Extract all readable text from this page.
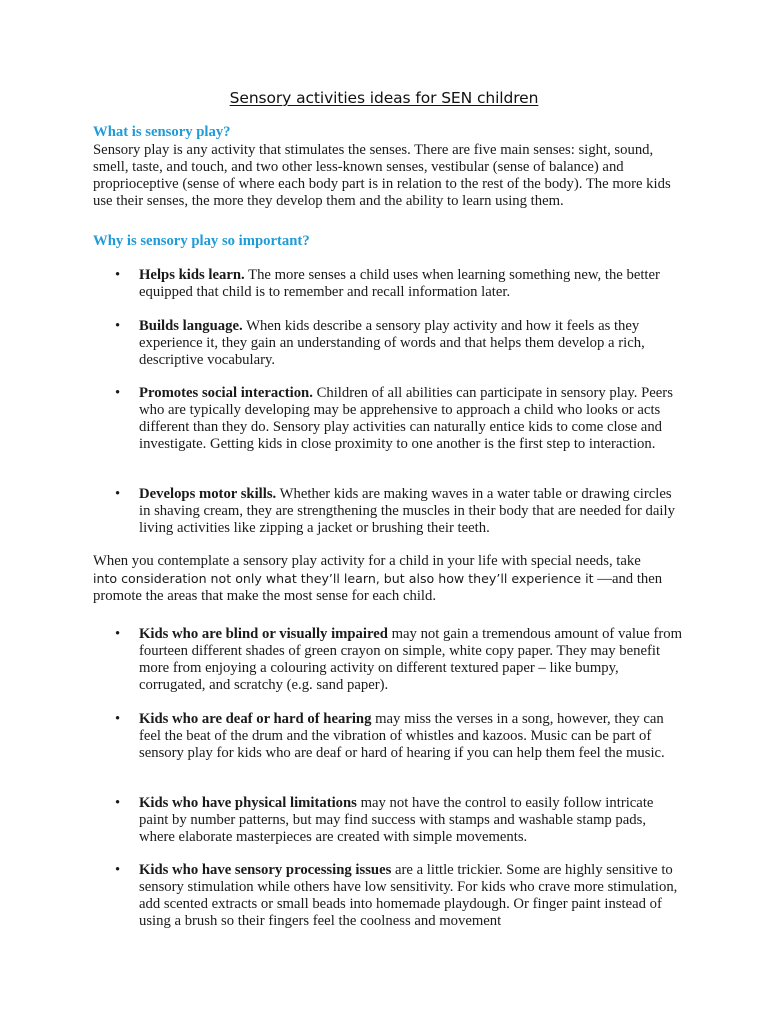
Sensory activities ideas for SEN children
What is sensory play?
Sensory play is any activity that stimulates the senses. There are five main senses: sight, sound, smell, taste, and touch, and two other less-known senses, vestibular (sense of balance) and proprioceptive (sense of where each body part is in relation to the rest of the body). The more kids use their senses, the more they develop them and the ability to learn using them.
Why is sensory play so important?
• Helps kids learn. The more senses a child uses when learning something new, the better equipped that child is to remember and recall information later.
• Builds language. When kids describe a sensory play activity and how it feels as they experience it, they gain an understanding of words and that helps them develop a rich, descriptive vocabulary.
• Promotes social interaction. Children of all abilities can participate in sensory play. Peers who are typically developing may be apprehensive to approach a child who looks or acts different than they do. Sensory play activities can naturally entice kids to come close and investigate. Getting kids in close proximity to one another is the first step to interaction.
• Develops motor skills. Whether kids are making waves in a water table or drawing circles in shaving cream, they are strengthening the muscles in their body that are needed for daily living activities like zipping a jacket or brushing their teeth.
When you contemplate a sensory play activity for a child in your life with special needs, take
into consideration not only what they’ll learn, but also how they’ll experience it —and then
promote the areas that make the most sense for each child.
• Kids who are blind or visually impaired may not gain a tremendous amount of value from fourteen different shades of green crayon on simple, white copy paper. They may benefit more from enjoying a colouring activity on different textured paper – like bumpy, corrugated, and scratchy (e.g. sand paper).
• Kids who are deaf or hard of hearing may miss the verses in a song, however, they can feel the beat of the drum and the vibration of whistles and kazoos. Music can be part of sensory play for kids who are deaf or hard of hearing if you can help them feel the music.
• Kids who have physical limitations may not have the control to easily follow intricate paint by number patterns, but may find success with stamps and washable stamp pads, where elaborate masterpieces are created with simple movements.
• Kids who have sensory processing issues are a little trickier. Some are highly sensitive to sensory stimulation while others have low sensitivity. For kids who crave more stimulation, add scented extracts or small beads into homemade playdough. Or finger paint instead of using a brush so their fingers feel the coolness and movement
